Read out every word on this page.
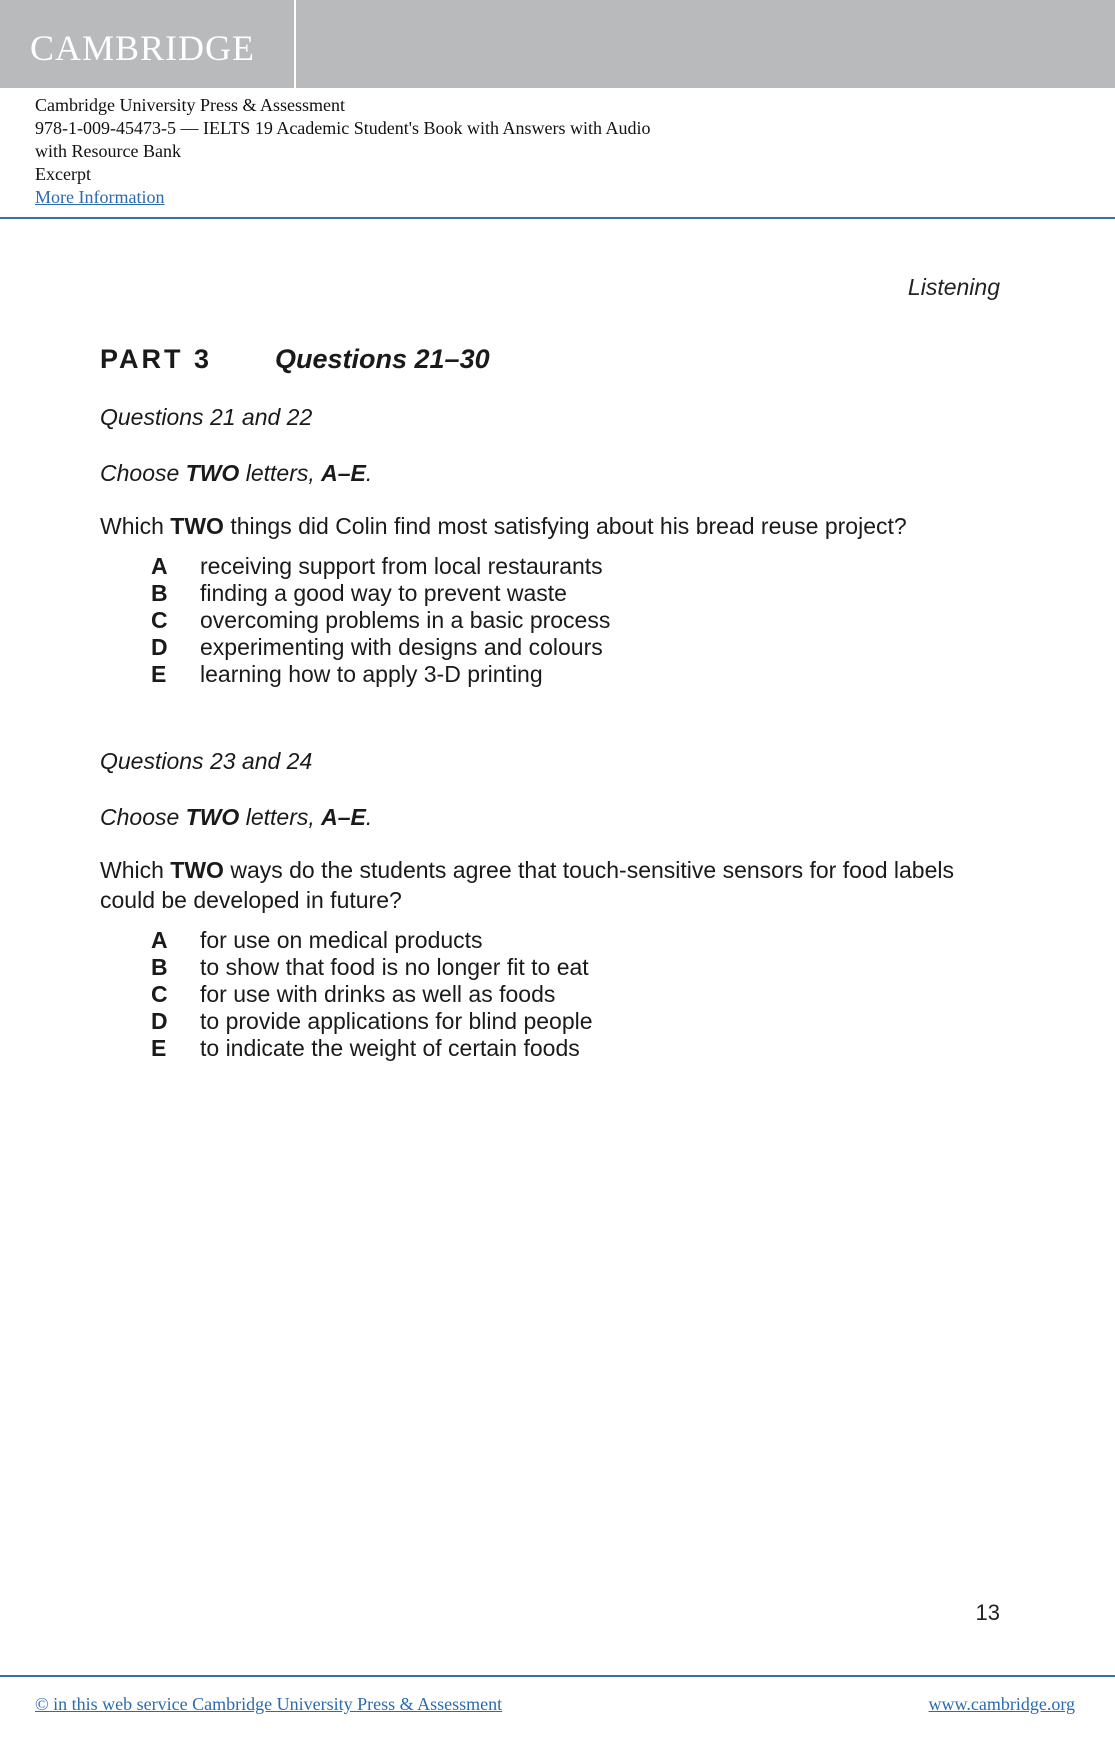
CAMBRIDGE
Cambridge University Press & Assessment
978-1-009-45473-5 — IELTS 19 Academic Student's Book with Answers with Audio
with Resource Bank
Excerpt
More Information
Listening
PART 3 Questions 21–30

Questions 21 and 22

Choose TWO letters, A–E.

Which TWO things did Colin find most satisfying about his bread reuse project?

A	receiving support from local restaurants
B	finding a good way to prevent waste
C	overcoming problems in a basic process
D	experimenting with designs and colours
E	learning how to apply 3-D printing

Questions 23 and 24

Choose TWO letters, A–E.

Which TWO ways do the students agree that touch-sensitive sensors for food labels could be developed in future?

A	for use on medical products
B	to show that food is no longer fit to eat
C	for use with drinks as well as foods
D	to provide applications for blind people
E	to indicate the weight of certain foods
13
© in this web service Cambridge University Press & Assessment	www.cambridge.org
